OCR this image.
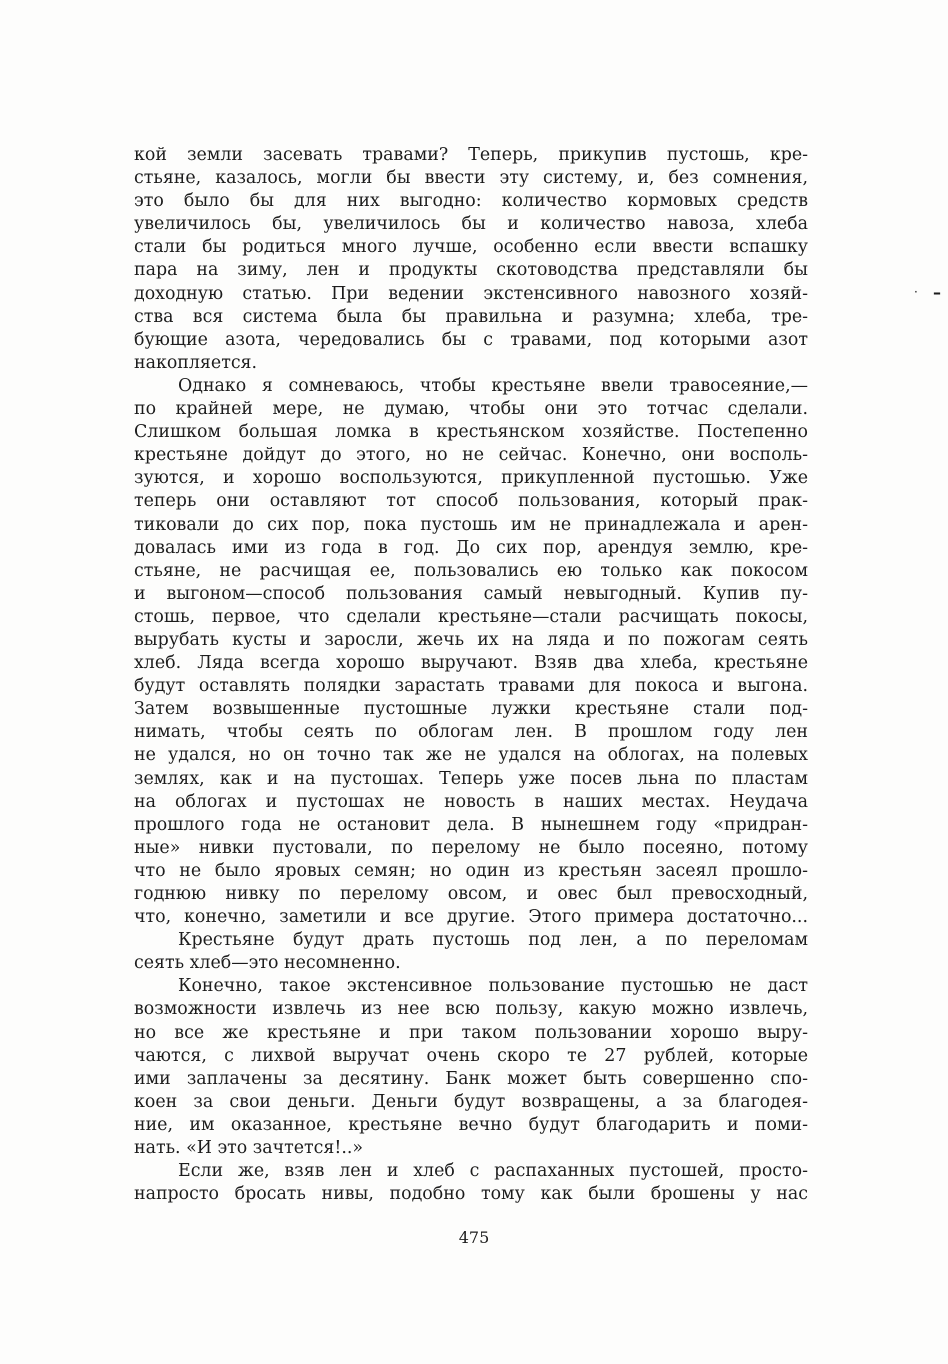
кой земли засевать травами? Теперь, прикупив пустошь, кре-
стьяне, казалось, могли бы ввести эту систему, и, без сомнения,
это было бы для них выгодно: количество кормовых средств
увеличилось бы, увеличилось бы и количество навоза, хлеба
стали бы родиться много лучше, особенно если ввести вспашку
пара на зиму, лен и продукты скотоводства представляли бы
доходную статью. При ведении экстенсивного навозного хозяй-
ства вся система была бы правильна и разумна; хлеба, тре-
бующие азота, чередовались бы с травами, под которыми азот
накопляется.
Однако я сомневаюсь, чтобы крестьяне ввели травосеяние,—
по крайней мере, не думаю, чтобы они это тотчас сделали.
Слишком большая ломка в крестьянском хозяйстве. Постепенно
крестьяне дойдут до этого, но не сейчас. Конечно, они восполь-
зуются, и хорошо воспользуются, прикупленной пустошью. Уже
теперь они оставляют тот способ пользования, который прак-
тиковали до сих пор, пока пустошь им не принадлежала и арен-
довалась ими из года в год. До сих пор, арендуя землю, кре-
стьяне, не расчищая ее, пользовались ею только как покосом
и выгоном—способ пользования самый невыгодный. Купив пу-
стошь, первое, что сделали крестьяне—стали расчищать покосы,
вырубать кусты и заросли, жечь их на ляда и по пожогам сеять
хлеб. Ляда всегда хорошо выручают. Взяв два хлеба, крестьяне
будут оставлять полядки зарастать травами для покоса и выгона.
Затем возвышенные пустошные лужки крестьяне стали под-
нимать, чтобы сеять по облогам лен. В прошлом году лен
не удался, но он точно так же не удался на облогах, на полевых
землях, как и на пустошах. Теперь уже посев льна по пластам
на облогах и пустошах не новость в наших местах. Неудача
прошлого года не остановит дела. В нынешнем году «придран-
ные» нивки пустовали, по перелому не было посеяно, потому
что не было яровых семян; но один из крестьян засеял прошло-
годнюю нивку по перелому овсом, и овес был превосходный,
что, конечно, заметили и все другие. Этого примера достаточно...
Крестьяне будут драть пустошь под лен, а по переломам
сеять хлеб—это несомненно.
Конечно, такое экстенсивное пользование пустошью не даст
возможности извлечь из нее всю пользу, какую можно извлечь,
но все же крестьяне и при таком пользовании хорошо выру-
чаются, с лихвой выручат очень скоро те 27 рублей, которые
ими заплачены за десятину. Банк может быть совершенно спо-
коен за свои деньги. Деньги будут возвращены, а за благодея-
ние, им оказанное, крестьяне вечно будут благодарить и поми-
нать. «И это зачтется!..»
Если же, взяв лен и хлеб с распаханных пустошей, просто-
напросто бросать нивы, подобно тому как были брошены у нас
· –
475
